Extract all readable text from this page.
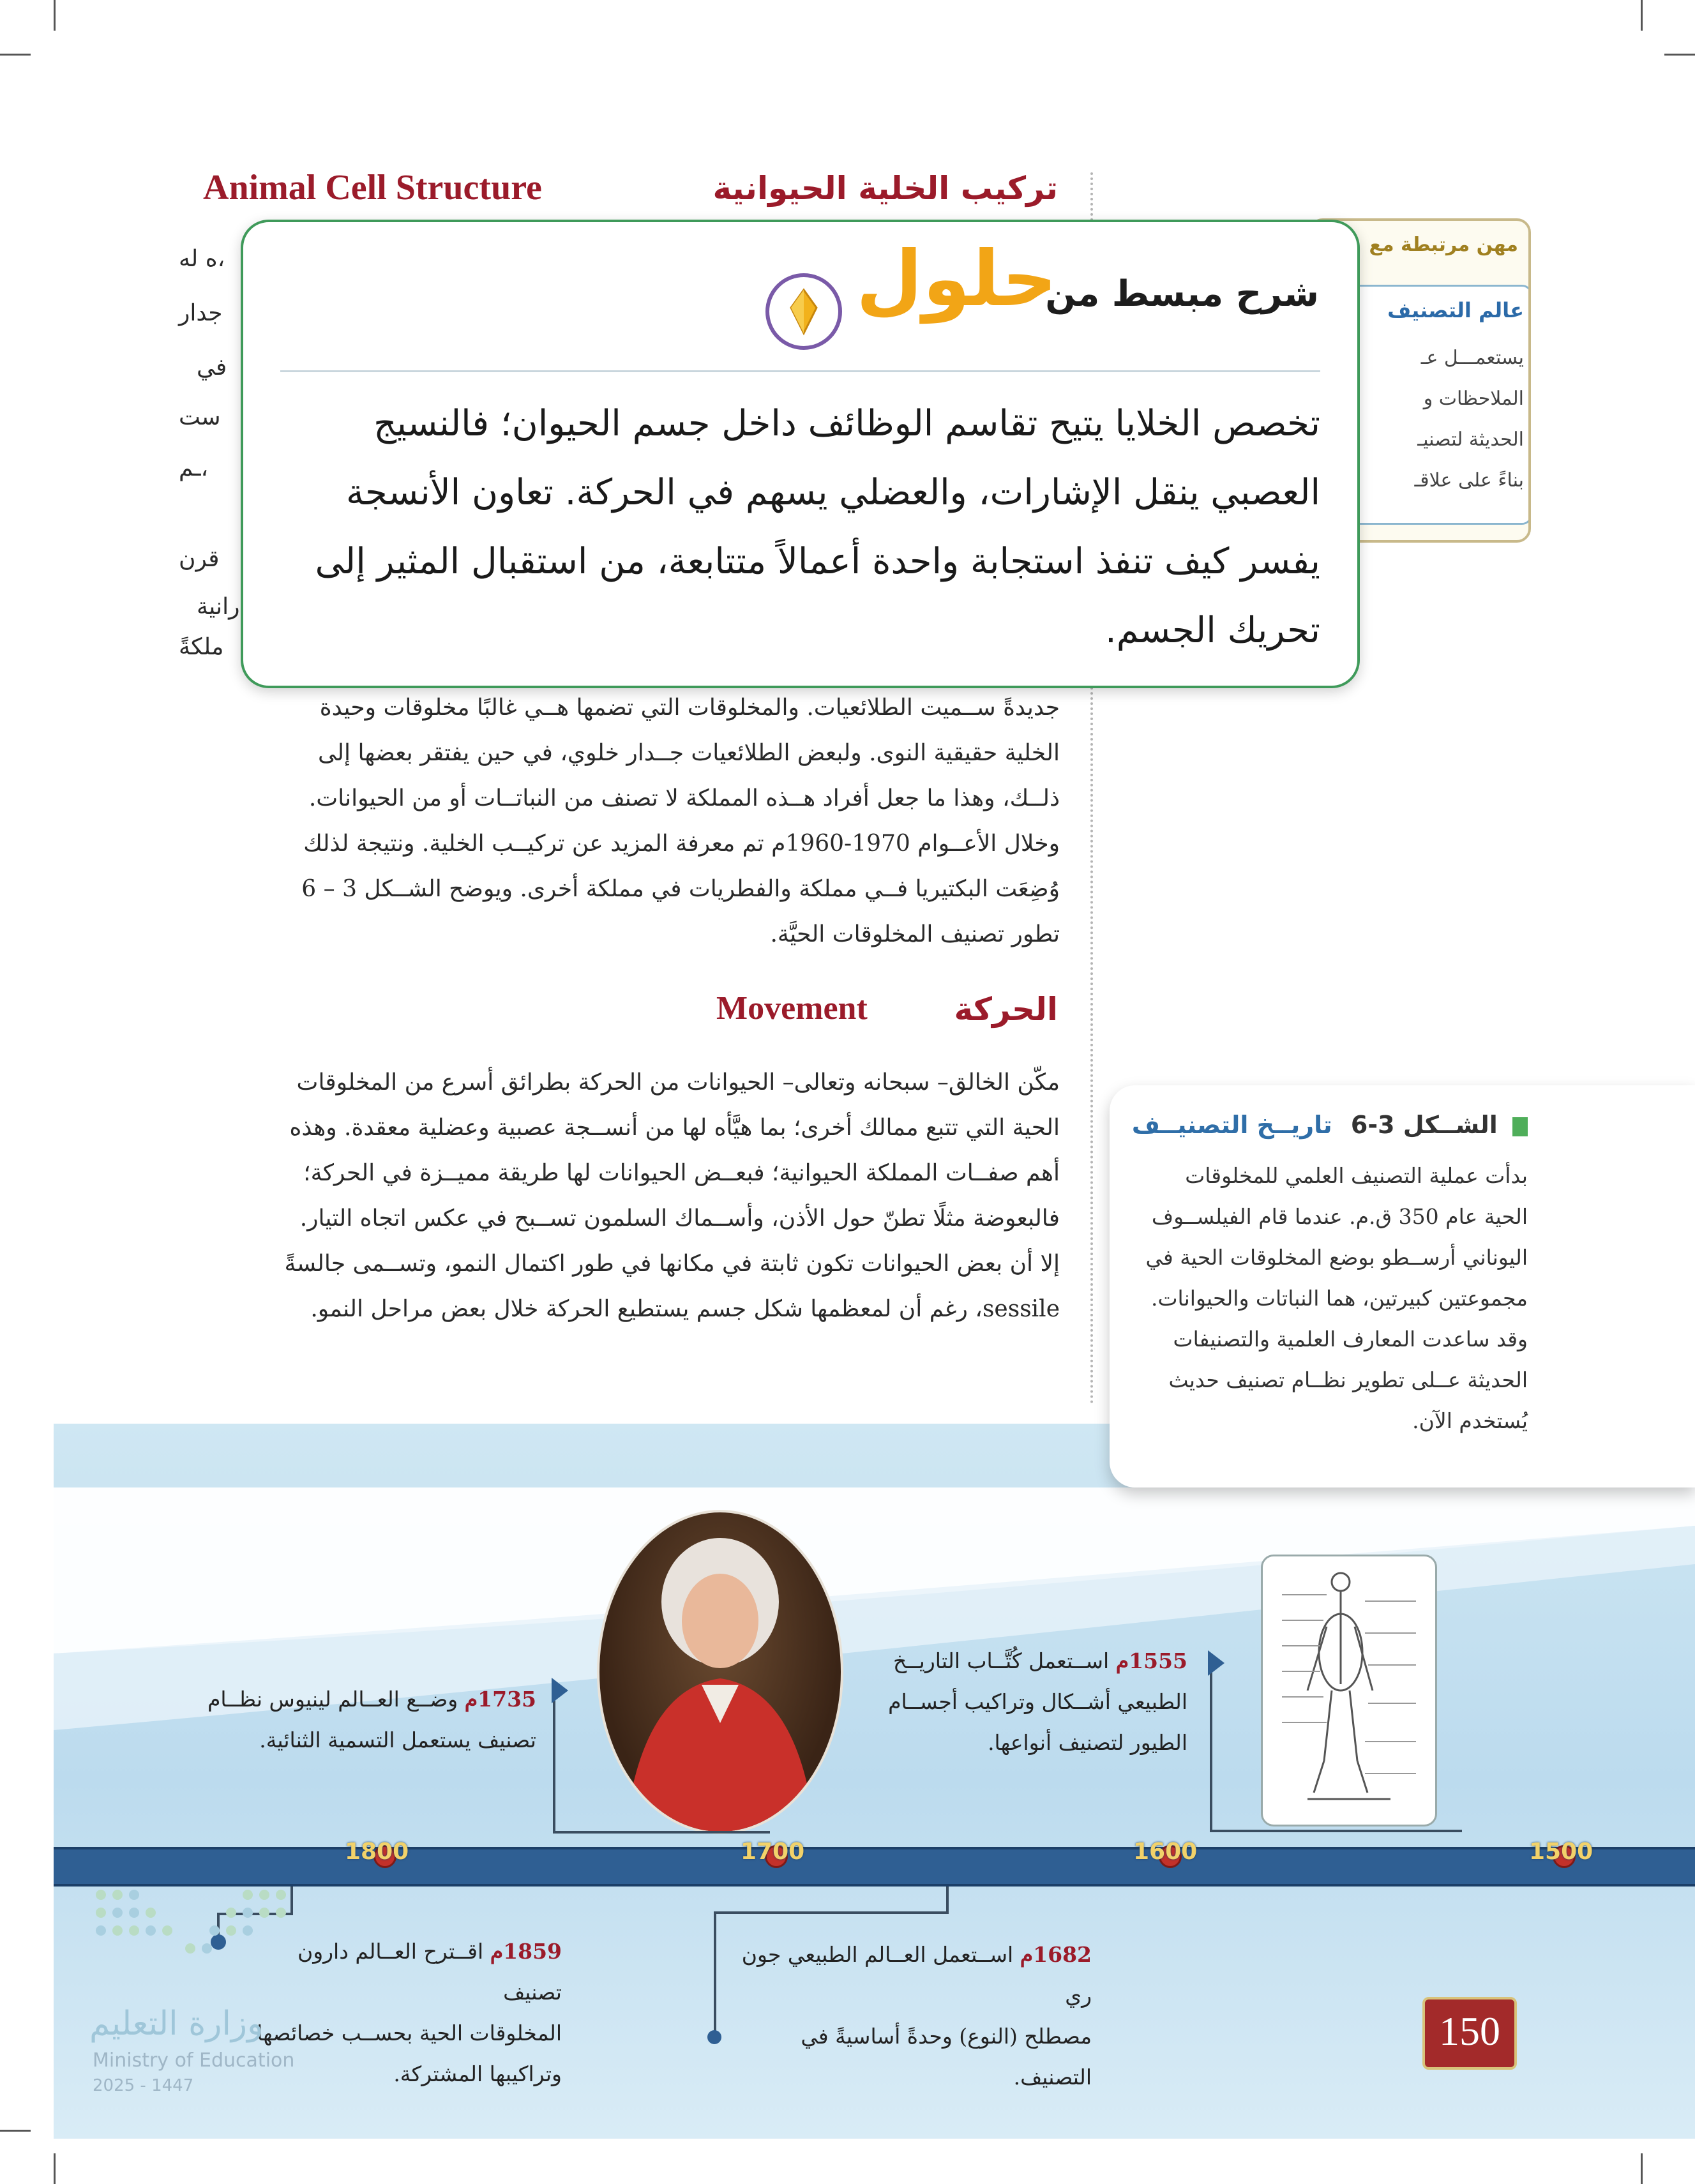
Animal Cell Structure	تركيب الخلية الحيوانية
ه له،
جدار
في
ست
ـم،
قرن
رانية
ملكةً
مهن مرتبطة مع
عالم التصنيف
يستعمـــل عـ
الملاحظات و
الحديثة لتصنيـ
بناءً على علاقـ
شرح مبسط من
حلول
تخصص الخلايا يتيح تقاسم الوظائف داخل جسم الحيوان؛ فالنسيج العصبي ينقل الإشارات، والعضلي يسهم في الحركة. تعاون الأنسجة يفسر كيف تنفذ استجابة واحدة أعمالاً متتابعة، من استقبال المثير إلى تحريك الجسم.

جديدةً ســميت الطلائعيات. والمخلوقات التي تضمها هــي غالبًا مخلوقات وحيدة

الخلية حقيقية النوى. ولبعض الطلائعيات جــدار خلوي، في حين يفتقر بعضها إلى

ذلــك، وهذا ما جعل أفراد هــذه المملكة لا تصنف من النباتــات أو من الحيوانات.

وخلال الأعــوام 1970-1960م تم معرفة المزيد عن تركيــب الخلية. ونتيجة لذلك

وُضِعَت البكتيريا فــي مملكة والفطريات في مملكة أخرى. ويوضح الشــكل 3 – 6

تطور تصنيف المخلوقات الحيَّة.

Movement	الحركة

مكّن الخالق– سبحانه وتعالى– الحيوانات من الحركة بطرائق أسرع من المخلوقات

الحية التي تتبع ممالك أخرى؛ بما هيَّأه لها من أنســجة عصبية وعضلية معقدة. وهذه

أهم صفــات المملكة الحيوانية؛ فبعــض الحيوانات لها طريقة مميــزة في الحركة؛

فالبعوضة مثلًا تطنّ حول الأذن، وأســماك السلمون تســبح في عكس اتجاه التيار.

إلا أن بعض الحيوانات تكون ثابتة في مكانها في طور اكتمال النمو، وتســمى جالسةً

sessile، رغم أن لمعظمها شكل جسم يستطيع الحركة خلال بعض مراحل النمو.

الشــكل 3-6 تاريــخ التصنيــف
بدأت عملية التصنيف العلمي للمخلوقات
الحية عام 350 ق.م. عندما قام الفيلســوف
اليوناني أرســطو بوضع المخلوقات الحية في
مجموعتين كبيرتين، هما النباتات والحيوانات.
وقد ساعدت المعارف العلمية والتصنيفات
الحديثة عــلى تطوير نظــام تصنيف حديث
يُستخدم الآن.
1800	1700	1600	1500
1555م اســتعمل كُتَّــاب التاريــخ
الطبيعي أشــكال وتراكيب أجســام
الطيور لتصنيف أنواعها.
1735م وضــع العــالم لينيوس نظــام
تصنيف يستعمل التسمية الثنائية.
1682م اســتعمل العــالم الطبيعي جون ري
مصطلح (النوع) وحدةً أساسيةً في التصنيف.
1859م اقــترح العــالم دارون تصنيف
المخلوقات الحية بحســب خصائصها
وتراكيبها المشتركة.
وزارة التعليم
Ministry of Education
2025 - 1447
150
